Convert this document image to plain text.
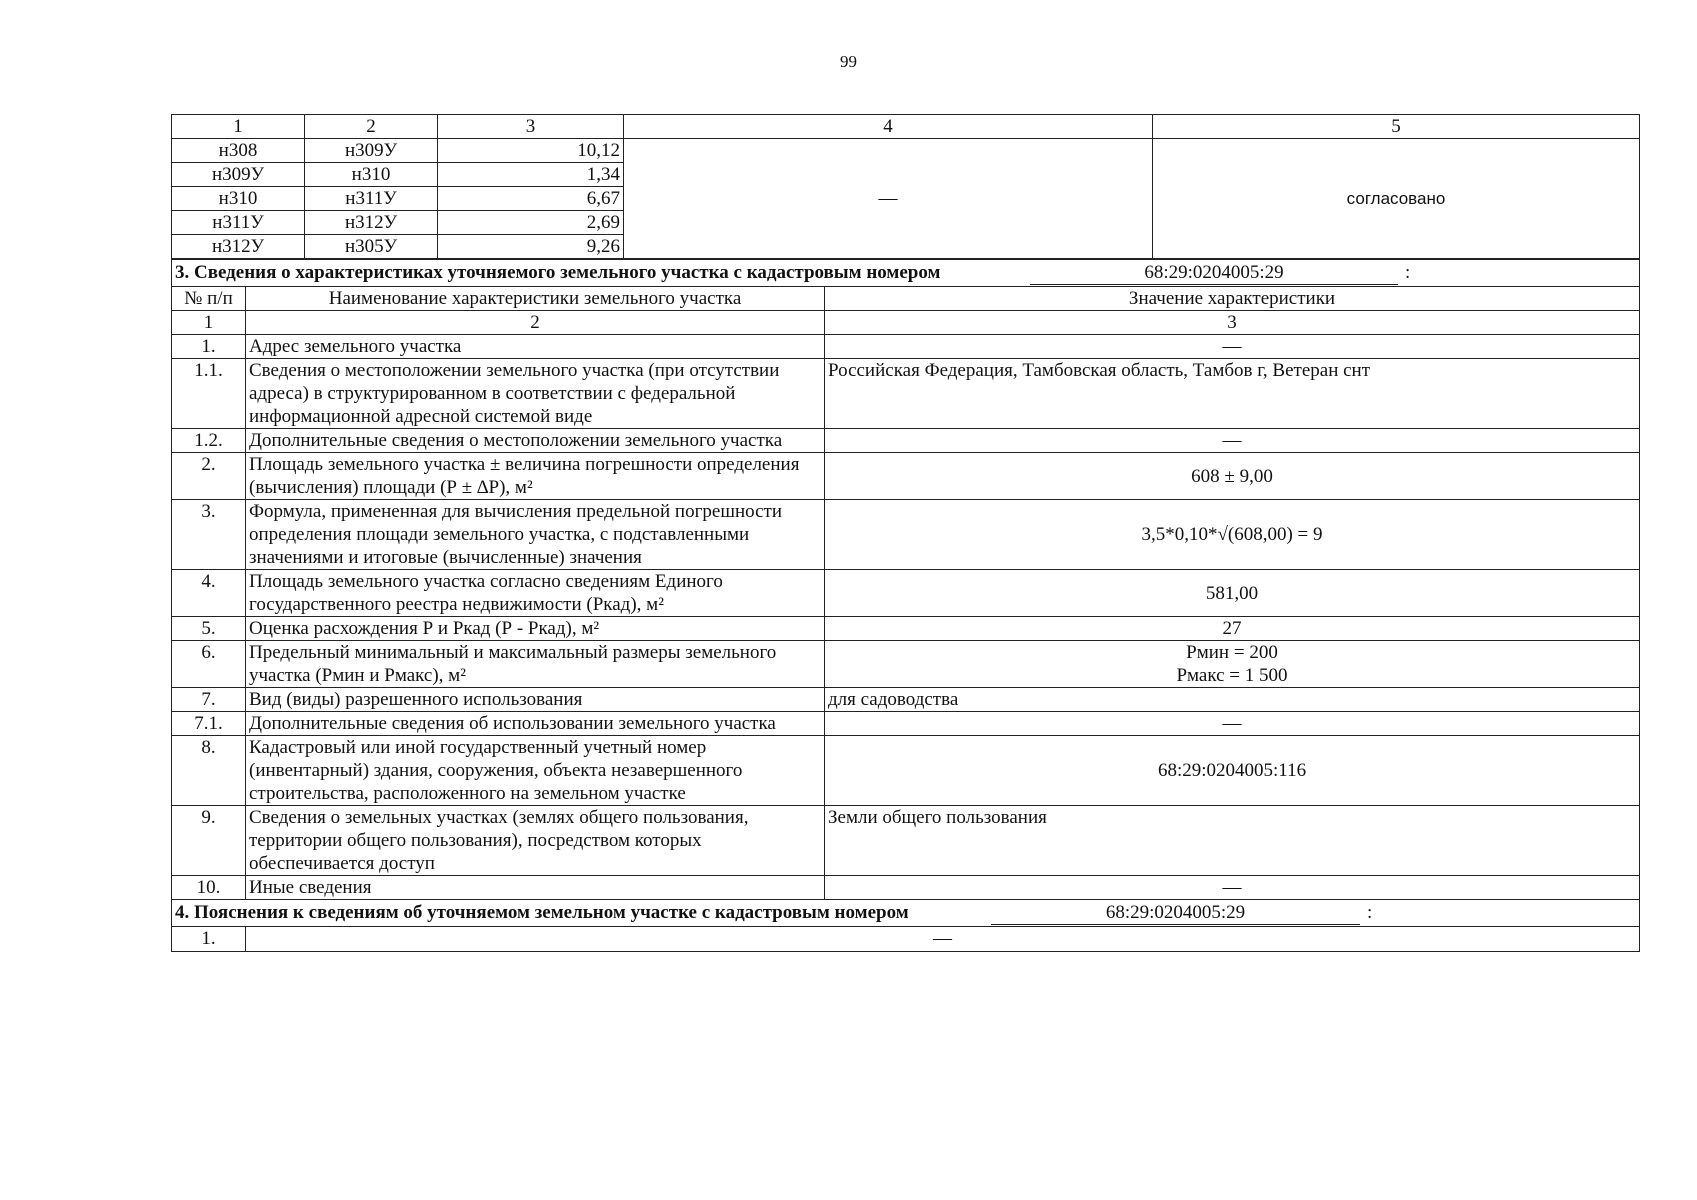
99
1	2	3	4	5
н308	н309У	10,12	—	согласовано
н309У	н310	1,34		
н310	н311У	6,67		
н311У	н312У	2,69		
н312У	н305У	9,26		
3. Сведения о характеристиках уточняемого земельного участка с кадастровым номером 68:29:0204005:29 :		

№ п/п	Наименование характеристики земельного участка	Значение характеристики
1	2	3
1.	Адрес земельного участка	—
1.1.	Сведения о местоположении земельного участка (при отсутствии адреса) в структурированном в соответствии с федеральной информационной адресной системой виде	Российская Федерация, Тамбовская область, Тамбов г, Ветеран снт
1.2.	Дополнительные сведения о местоположении земельного участка	—
2.	Площадь земельного участка ± величина погрешности определения (вычисления) площади (Р ± ∆Р), м²	608 ± 9,00
3.	Формула, примененная для вычисления предельной погрешности определения площади земельного участка, с подставленными значениями и итоговые (вычисленные) значения	3,5*0,10*√(608,00) = 9
4.	Площадь земельного участка согласно сведениям Единого государственного реестра недвижимости (Ркад), м²	581,00
5.	Оценка расхождения Р и Ркад (Р - Ркад), м²	27
6.	Предельный минимальный и максимальный размеры земельного участка (Рмин и Рмакс), м²	Рмин = 200
Рмакс = 1 500

7.	Вид (виды) разрешенного использования	для садоводства
7.1.	Дополнительные сведения об использовании земельного участка	—
8.	Кадастровый или иной государственный учетный номер (инвентарный) здания, сооружения, объекта незавершенного строительства, расположенного на земельном участке	68:29:0204005:116
9.	Сведения о земельных участках (землях общего пользования, территории общего пользования), посредством которых обеспечивается доступ	Земли общего пользования
10.	Иные сведения	—

4. Пояснения к сведениям об уточняемом земельном участке с кадастровым номером 68:29:0204005:29 :		

1.	—	
